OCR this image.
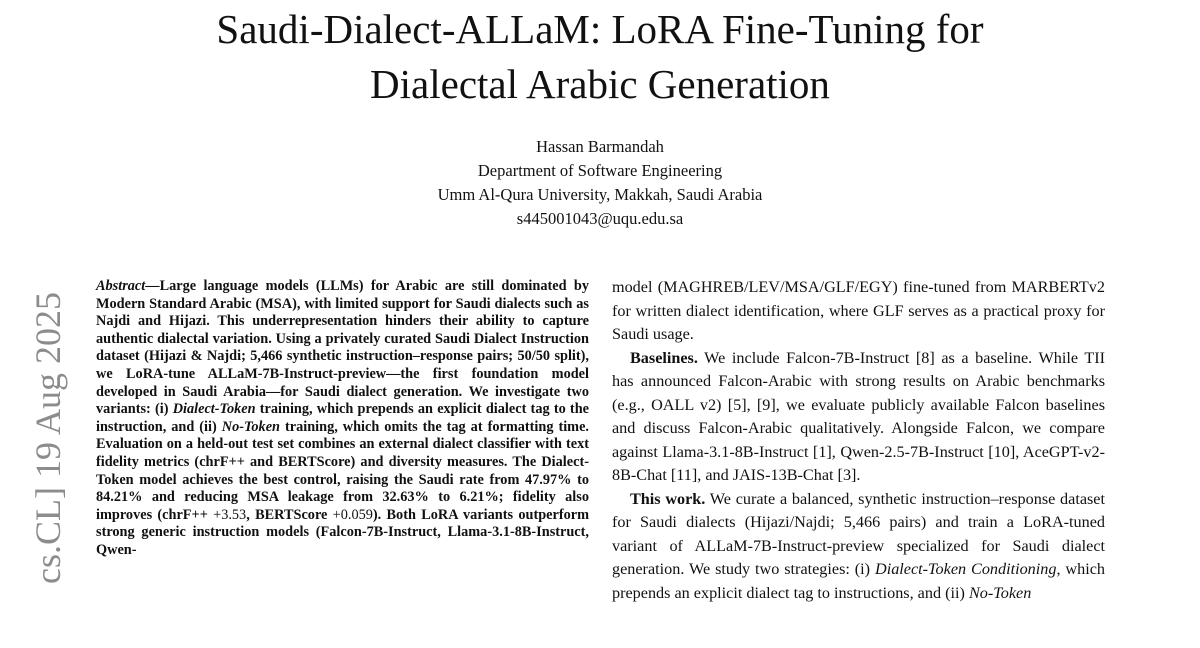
Saudi-Dialect-ALLaM: LoRA Fine-Tuning for
Dialectal Arabic Generation
Hassan Barmandah
Department of Software Engineering
Umm Al-Qura University, Makkah, Saudi Arabia
s445001043@uqu.edu.sa
cs.CL] 19 Aug 2025

Abstract—Large language models (LLMs) for Arabic are still dominated by Modern Standard Arabic (MSA), with limited support for Saudi dialects such as Najdi and Hijazi. This underrepresentation hinders their ability to capture authentic dialectal variation. Using a privately curated Saudi Dialect Instruction dataset (Hijazi & Najdi; 5,466 synthetic instruction–response pairs; 50/50 split), we LoRA-tune ALLaM-7B-Instruct-preview—the first foundation model developed in Saudi Arabia—for Saudi dialect generation. We investigate two variants: (i) Dialect-Token training, which prepends an explicit dialect tag to the instruction, and (ii) No-Token training, which omits the tag at formatting time. Evaluation on a held-out test set combines an external dialect classifier with text fidelity metrics (chrF++ and BERTScore) and diversity measures. The Dialect-Token model achieves the best control, raising the Saudi rate from 47.97% to 84.21% and reducing MSA leakage from 32.63% to 6.21%; fidelity also improves (chrF++ +3.53, BERTScore +0.059). Both LoRA variants outperform strong generic instruction models (Falcon-7B-Instruct, Llama-3.1-8B-Instruct, Qwen-

model (MAGHREB/LEV/MSA/GLF/EGY) fine-tuned from MARBERTv2 for written dialect identification, where GLF serves as a practical proxy for Saudi usage.

Baselines. We include Falcon-7B-Instruct [8] as a baseline. While TII has announced Falcon-Arabic with strong results on Arabic benchmarks (e.g., OALL v2) [5], [9], we evaluate publicly available Falcon baselines and discuss Falcon-Arabic qualitatively. Alongside Falcon, we compare against Llama-3.1-8B-Instruct [1], Qwen-2.5-7B-Instruct [10], AceGPT-v2-8B-Chat [11], and JAIS-13B-Chat [3].

This work. We curate a balanced, synthetic instruction–response dataset for Saudi dialects (Hijazi/Najdi; 5,466 pairs) and train a LoRA-tuned variant of ALLaM-7B-Instruct-preview specialized for Saudi dialect generation. We study two strategies: (i) Dialect-Token Conditioning, which prepends an explicit dialect tag to instructions, and (ii) No-Token
